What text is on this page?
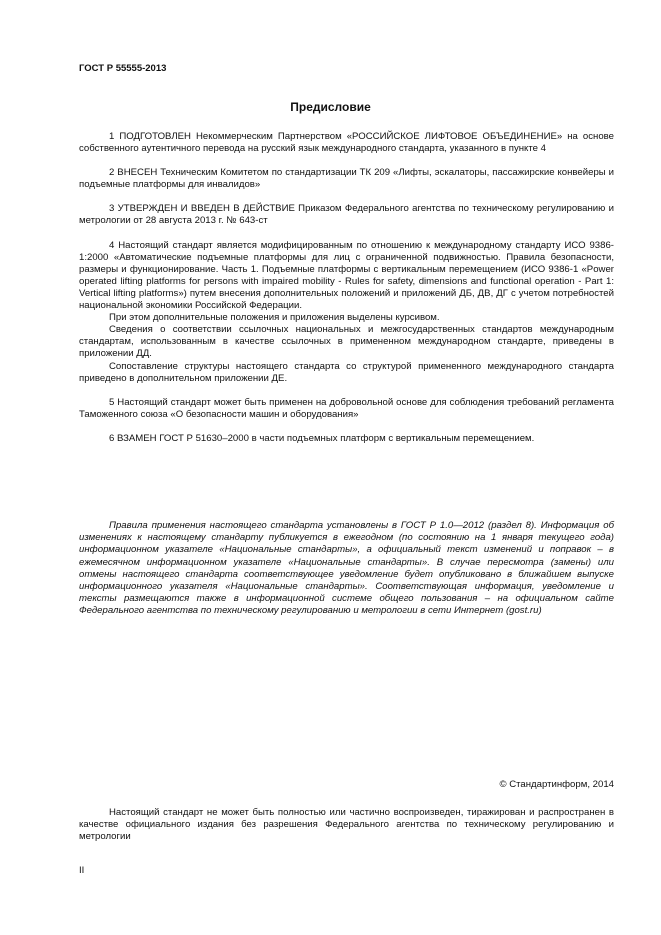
ГОСТ Р 55555-2013
Предисловие

1 ПОДГОТОВЛЕН Некоммерческим Партнерством «РОССИЙСКОЕ ЛИФТОВОЕ ОБЪЕДИНЕНИЕ» на основе собственного аутентичного перевода на русский язык международного стандарта, указанного в пункте 4

2 ВНЕСЕН Техническим Комитетом по стандартизации ТК 209 «Лифты, эскалаторы, пассажирские конвейеры и подъемные платформы для инвалидов»

3 УТВЕРЖДЕН И ВВЕДЕН В ДЕЙСТВИЕ Приказом Федерального агентства по техническому регулированию и метрологии от 28 августа 2013 г. № 643-ст

4 Настоящий стандарт является модифицированным по отношению к международному стандарту ИСО 9386-1:2000 «Автоматические подъемные платформы для лиц с ограниченной подвижностью. Правила безопасности, размеры и функционирование. Часть 1. Подъемные платформы с вертикальным перемещением (ИСО 9386-1 «Power operated lifting platforms for persons with impaired mobility - Rules for safety, dimensions and functional operation - Part 1: Vertical lifting platforms») путем внесения дополнительных положений и приложений ДБ, ДВ, ДГ с учетом потребностей национальной экономики Российской Федерации.

При этом дополнительные положения и приложения выделены курсивом.

Сведения о соответствии ссылочных национальных и межгосударственных стандартов международным стандартам, использованным в качестве ссылочных в примененном международном стандарте, приведены в приложении ДД.

Сопоставление структуры настоящего стандарта со структурой примененного международного стандарта приведено в дополнительном приложении ДЕ.

5 Настоящий стандарт может быть применен на добровольной основе для соблюдения требований регламента Таможенного союза «О безопасности машин и оборудования»

6 ВЗАМЕН ГОСТ Р 51630–2000 в части подъемных платформ с вертикальным перемещением.

Правила применения настоящего стандарта установлены в ГОСТ Р 1.0—2012 (раздел 8). Информация об изменениях к настоящему стандарту публикуется в ежегодном (по состоянию на 1 января текущего года) информационном указателе «Национальные стандарты», а официальный текст изменений и поправок – в ежемесячном информационном указателе «Национальные стандарты». В случае пересмотра (замены) или отмены настоящего стандарта соответствующее уведомление будет опубликовано в ближайшем выпуске информационного указателя «Национальные стандарты». Соответствующая информация, уведомление и тексты размещаются также в информационной системе общего пользования – на официальном сайте Федерального агентства по техническому регулированию и метрологии в сети Интернет (gost.ru)

© Стандартинформ, 2014

Настоящий стандарт не может быть полностью или частично воспроизведен, тиражирован и распространен в качестве официального издания без разрешения Федерального агентства по техническому регулированию и метрологии

II
